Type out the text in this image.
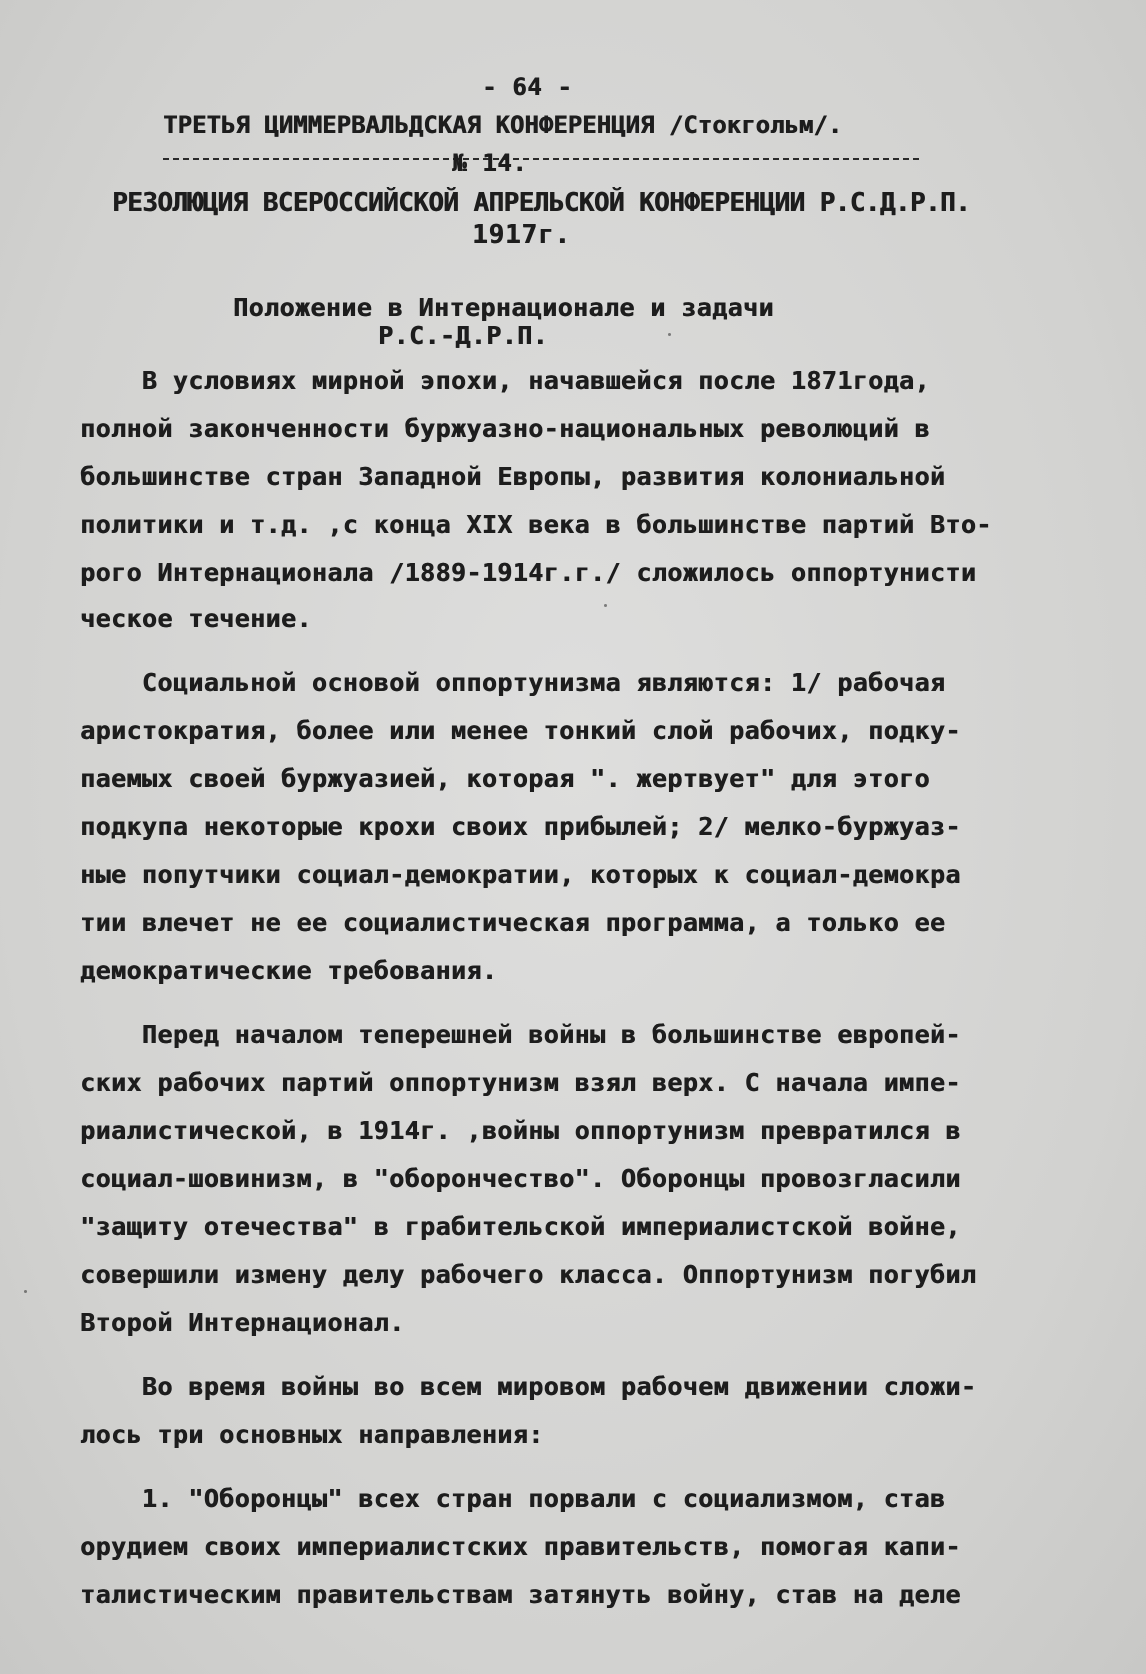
- 64 -
ТРЕТЬЯ ЦИММЕРВАЛЬДСКАЯ КОНФЕРЕНЦИЯ /Стокгольм/.
№ 14.
РЕЗОЛЮЦИЯ ВСЕРОССИЙСКОЙ АПРЕЛЬСКОЙ КОНФЕРЕНЦИИ Р.С.Д.Р.П.
1917г.
Положение в Интернационале и задачи
Р.С.-Д.Р.П.
В условиях мирной эпохи, начавшейся после 1871года,
полной законченности буржуазно-национальных революций в
большинстве стран Западной Европы, развития колониальной
политики и т.д. ,с конца XIX века в большинстве партий Вто-
рого Интернационала /1889-1914г.г./ сложилось оппортунисти
ческое течение.
Социальной основой оппортунизма являются: 1/ рабочая
аристократия, более или менее тонкий слой рабочих, подку-
паемых своей буржуазией, которая ". жертвует" для этого
подкупа некоторые крохи своих прибылей; 2/ мелко-буржуаз-
ные попутчики социал-демократии, которых к социал-демокра
тии влечет не ее социалистическая программа, а только ее
демократические требования.
Перед началом теперешней войны в большинстве европей-
ских рабочих партий оппортунизм взял верх. С начала импе-
риалистической, в 1914г. ,войны оппортунизм превратился в
социал-шовинизм, в "оборончество". Оборонцы провозгласили
"защиту отечества" в грабительской империалистской войне,
совершили измену делу рабочего класса. Оппортунизм погубил
Второй Интернационал.
Во время войны во всем мировом рабочем движении сложи-
лось три основных направления:
1. "Оборонцы" всех стран порвали с социализмом, став
орудием своих империалистских правительств, помогая капи-
талистическим правительствам затянуть войну, став на деле
